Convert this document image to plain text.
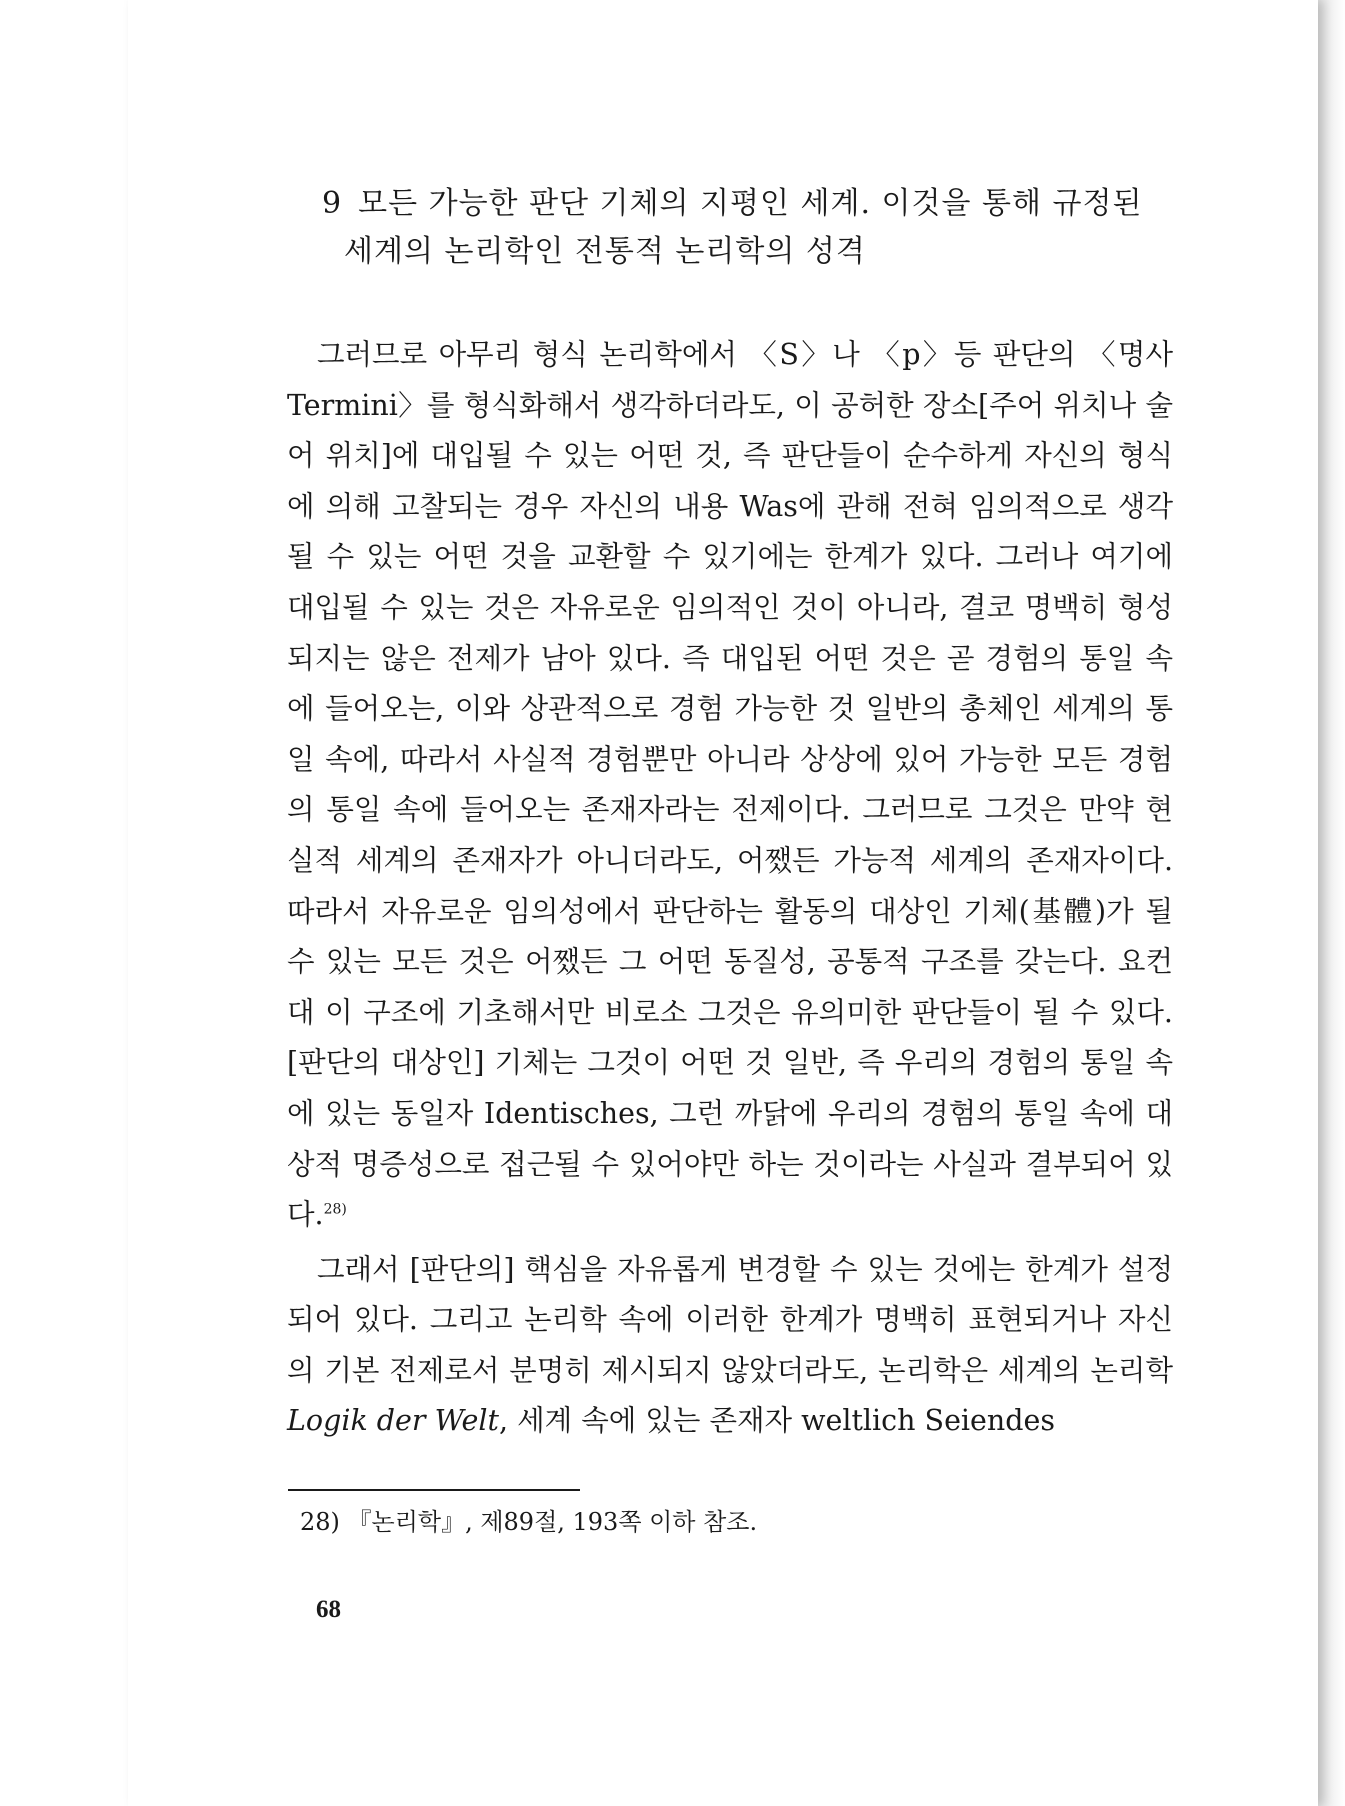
9 모든 가능한 판단 기체의 지평인 세계. 이것을 통해 규정된
세계의 논리학인 전통적 논리학의 성격

그러므로 아무리 형식 논리학에서 〈S〉나 〈p〉등 판단의 〈명사 Termini〉를 형식화해서 생각하더라도, 이 공허한 장소[주어 위치나 술어 위치]에 대입될 수 있는 어떤 것, 즉 판단들이 순수하게 자신의 형식에 의해 고찰되는 경우 자신의 내용 Was에 관해 전혀 임의적으로 생각될 수 있는 어떤 것을 교환할 수 있기에는 한계가 있다. 그러나 여기에 대입될 수 있는 것은 자유로운 임의적인 것이 아니라, 결코 명백히 형성되지는 않은 전제가 남아 있다. 즉 대입된 어떤 것은 곧 경험의 통일 속에 들어오는, 이와 상관적으로 경험 가능한 것 일반의 총체인 세계의 통일 속에, 따라서 사실적 경험뿐만 아니라 상상에 있어 가능한 모든 경험의 통일 속에 들어오는 존재자라는 전제이다. 그러므로 그것은 만약 현실적 세계의 존재자가 아니더라도, 어쨌든 가능적 세계의 존재자이다. 따라서 자유로운 임의성에서 판단하는 활동의 대상인 기체(基體)가 될 수 있는 모든 것은 어쨌든 그 어떤 동질성, 공통적 구조를 갖는다. 요컨대 이 구조에 기초해서만 비로소 그것은 유의미한 판단들이 될 수 있다. [판단의 대상인] 기체는 그것이 어떤 것 일반, 즉 우리의 경험의 통일 속에 있는 동일자 Identisches, 그런 까닭에 우리의 경험의 통일 속에 대상적 명증성으로 접근될 수 있어야만 하는 것이라는 사실과 결부되어 있다.$^{28)}$

그래서 [판단의] 핵심을 자유롭게 변경할 수 있는 것에는 한계가 설정되어 있다. 그리고 논리학 속에 이러한 한계가 명백히 표현되거나 자신의 기본 전제로서 분명히 제시되지 않았더라도, 논리학은 세계의 논리학 Logik der Welt, 세계 속에 있는 존재자 weltlich Seiendes

28) 『논리학』, 제89절, 193쪽 이하 참조.
68
